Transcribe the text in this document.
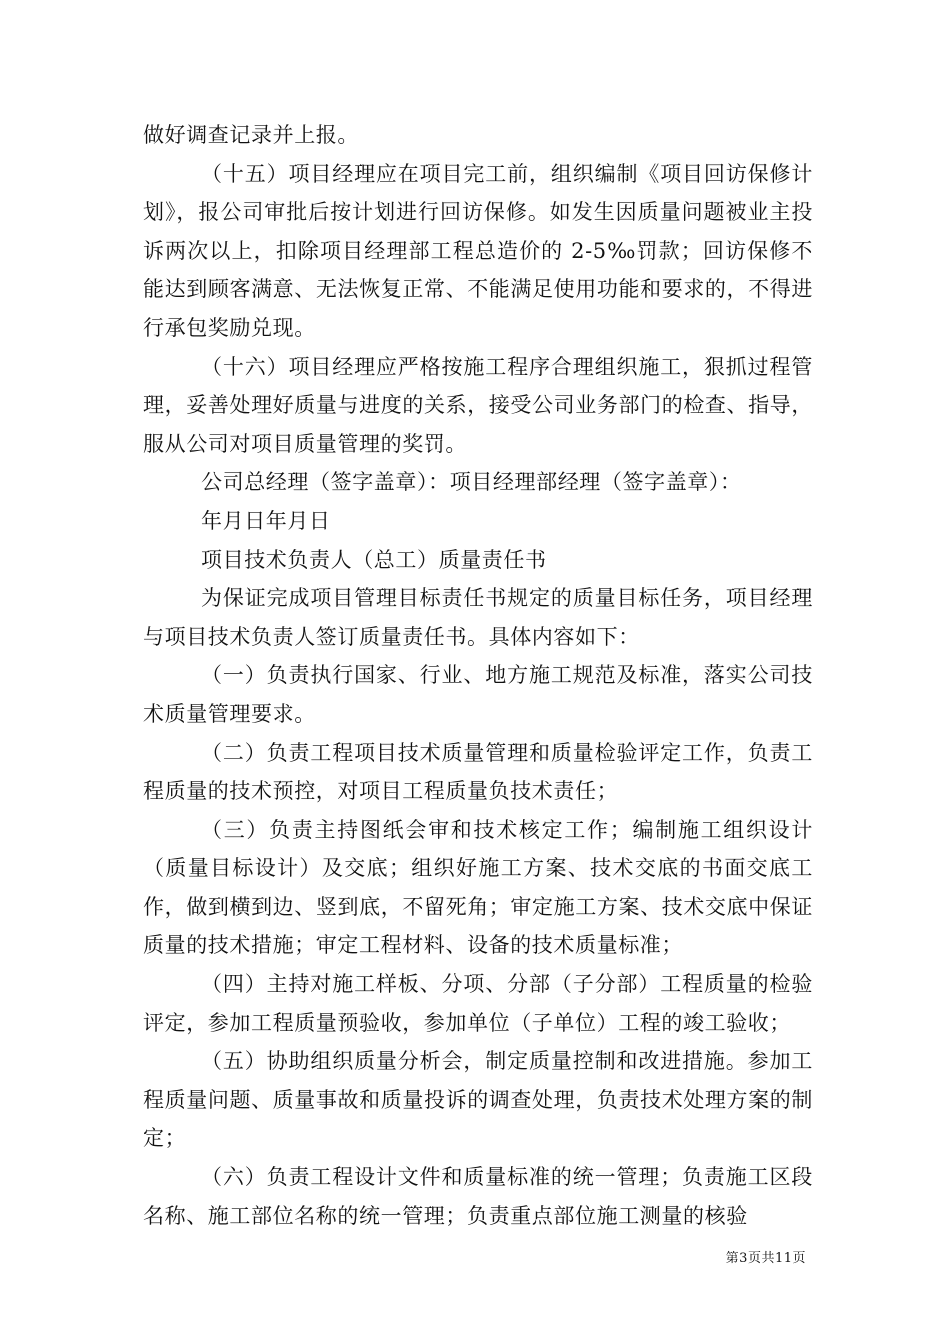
做好调查记录并上报。

（十五）项目经理应在项目完工前，组织编制《项目回访保修计划》，报公司审批后按计划进行回访保修。如发生因质量问题被业主投诉两次以上，扣除项目经理部工程总造价的 2-5‰罚款；回访保修不能达到顾客满意、无法恢复正常、不能满足使用功能和要求的，不得进行承包奖励兑现。

（十六）项目经理应严格按施工程序合理组织施工，狠抓过程管理，妥善处理好质量与进度的关系，接受公司业务部门的检查、指导，服从公司对项目质量管理的奖罚。

公司总经理（签字盖章）：项目经理部经理（签字盖章）：

年月日年月日

项目技术负责人（总工）质量责任书

为保证完成项目管理目标责任书规定的质量目标任务，项目经理与项目技术负责人签订质量责任书。具体内容如下：

（一）负责执行国家、行业、地方施工规范及标准，落实公司技术质量管理要求。

（二）负责工程项目技术质量管理和质量检验评定工作，负责工程质量的技术预控，对项目工程质量负技术责任；

（三）负责主持图纸会审和技术核定工作；编制施工组织设计（质量目标设计）及交底；组织好施工方案、技术交底的书面交底工作，做到横到边、竖到底，不留死角；审定施工方案、技术交底中保证质量的技术措施；审定工程材料、设备的技术质量标准；

（四）主持对施工样板、分项、分部（子分部）工程质量的检验评定，参加工程质量预验收，参加单位（子单位）工程的竣工验收；

（五）协助组织质量分析会，制定质量控制和改进措施。参加工程质量问题、质量事故和质量投诉的调查处理，负责技术处理方案的制定；

（六）负责工程设计文件和质量标准的统一管理；负责施工区段名称、施工部位名称的统一管理；负责重点部位施工测量的核验

第3页共11页
